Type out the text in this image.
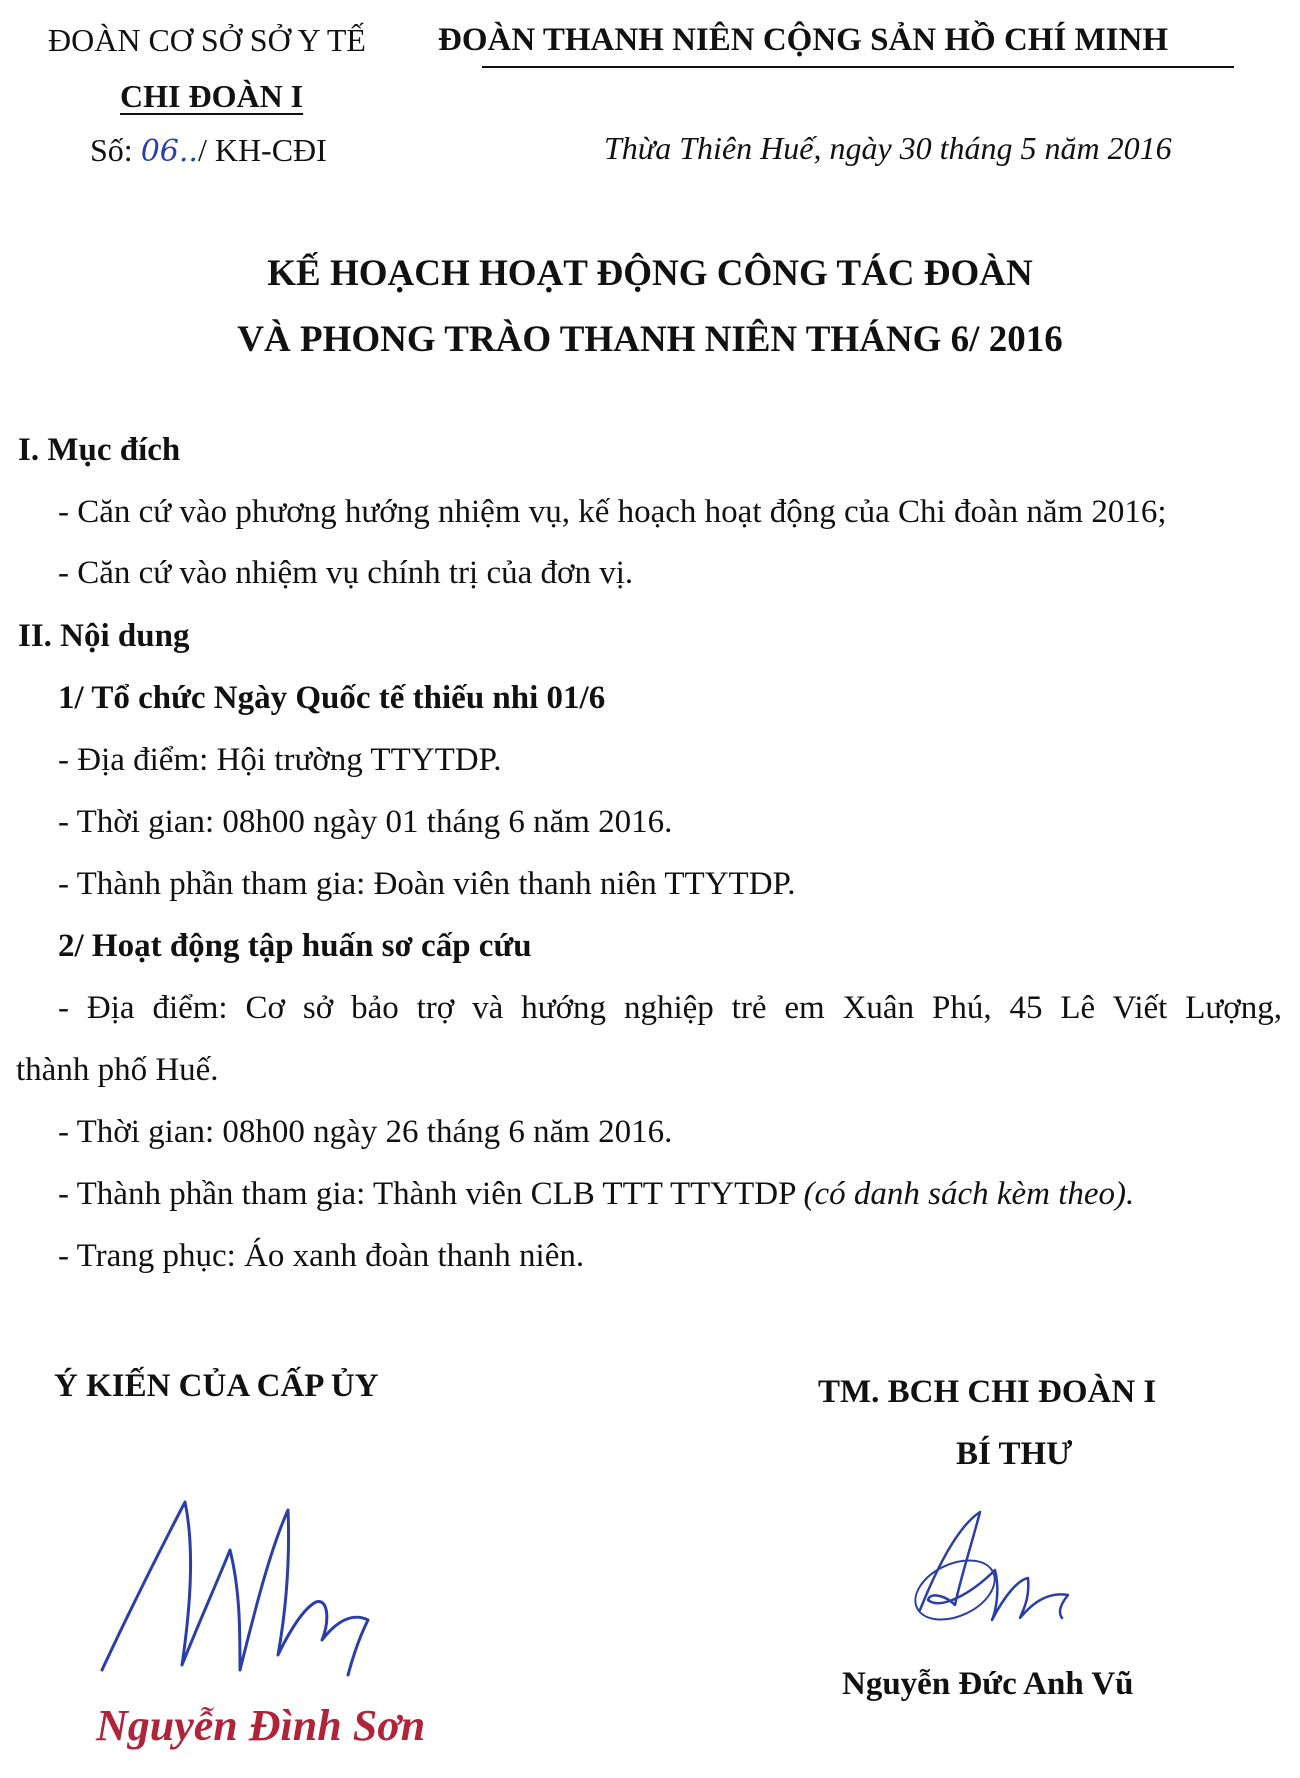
ĐOÀN CƠ SỞ SỞ Y TẾ
CHI ĐOÀN I
Số: 06../ KH-CĐI
ĐOÀN THANH NIÊN CỘNG SẢN HỒ CHÍ MINH
Thừa Thiên Huế, ngày 30 tháng 5 năm 2016
KẾ HOẠCH HOẠT ĐỘNG CÔNG TÁC ĐOÀN
VÀ PHONG TRÀO THANH NIÊN THÁNG 6/ 2016
I. Mục đích
- Căn cứ vào phương hướng nhiệm vụ, kế hoạch hoạt động của Chi đoàn năm 2016;
- Căn cứ vào nhiệm vụ chính trị của đơn vị.
II. Nội dung
1/ Tổ chức Ngày Quốc tế thiếu nhi 01/6
- Địa điểm: Hội trường TTYTDP.
- Thời gian: 08h00 ngày 01 tháng 6 năm 2016.
- Thành phần tham gia: Đoàn viên thanh niên TTYTDP.
2/ Hoạt động tập huấn sơ cấp cứu
- Địa điểm: Cơ sở bảo trợ và hướng nghiệp trẻ em Xuân Phú, 45 Lê Viết Lượng,
thành phố Huế.
- Thời gian: 08h00 ngày 26 tháng 6 năm 2016.
- Thành phần tham gia: Thành viên CLB TTT TTYTDP (có danh sách kèm theo).
- Trang phục: Áo xanh đoàn thanh niên.
Ý KIẾN CỦA CẤP ỦY	TM. BCH CHI ĐOÀN I
BÍ THƯ
Nguyễn Đình Sơn
Nguyễn Đức Anh Vũ
